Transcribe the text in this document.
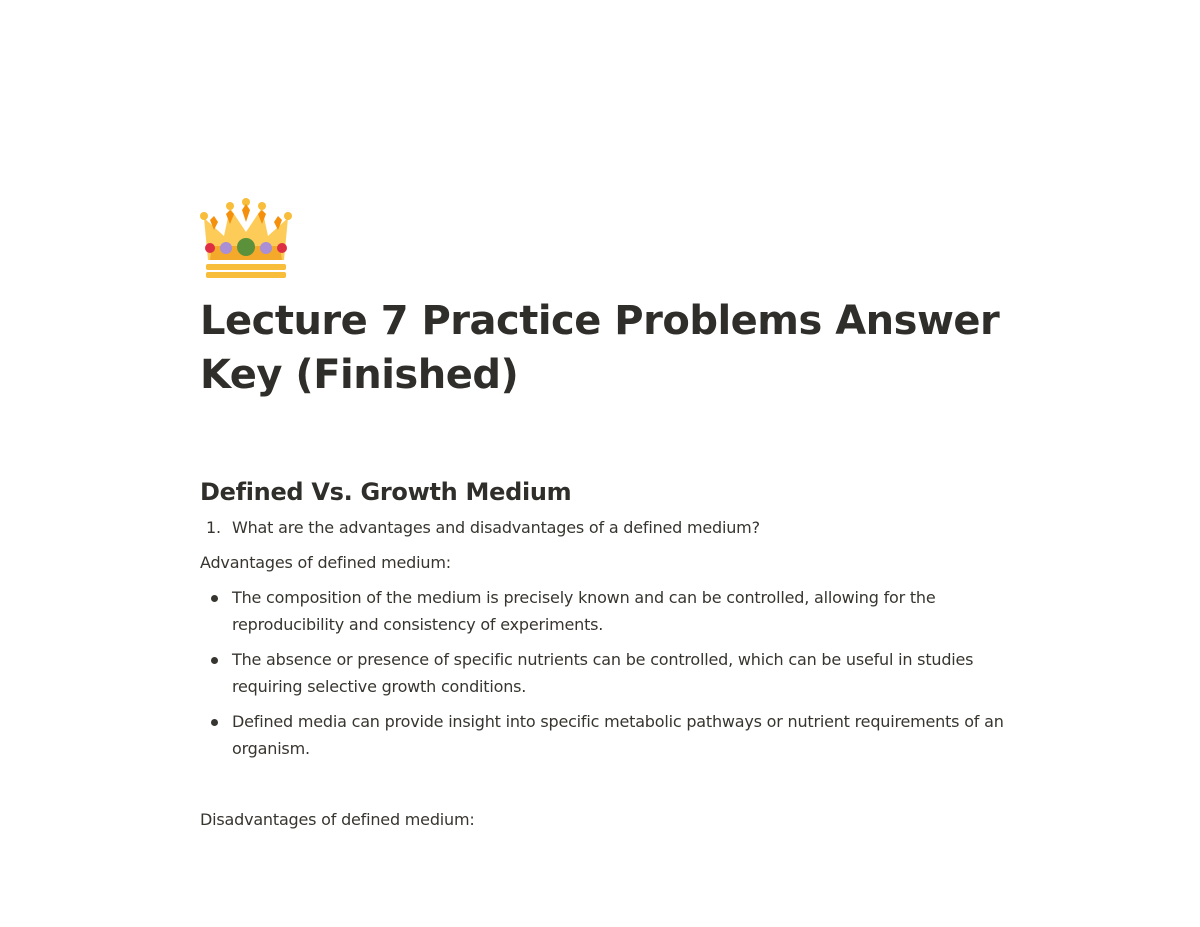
Lecture 7 Practice Problems Answer Key (Finished)
Defined Vs. Growth Medium
1. What are the advantages and disadvantages of a defined medium?

Advantages of defined medium:

The composition of the medium is precisely known and can be controlled, allowing for the reproducibility and consistency of experiments.
The absence or presence of specific nutrients can be controlled, which can be useful in studies requiring selective growth conditions.
Defined media can provide insight into specific metabolic pathways or nutrient requirements of an organism.

Disadvantages of defined medium:
